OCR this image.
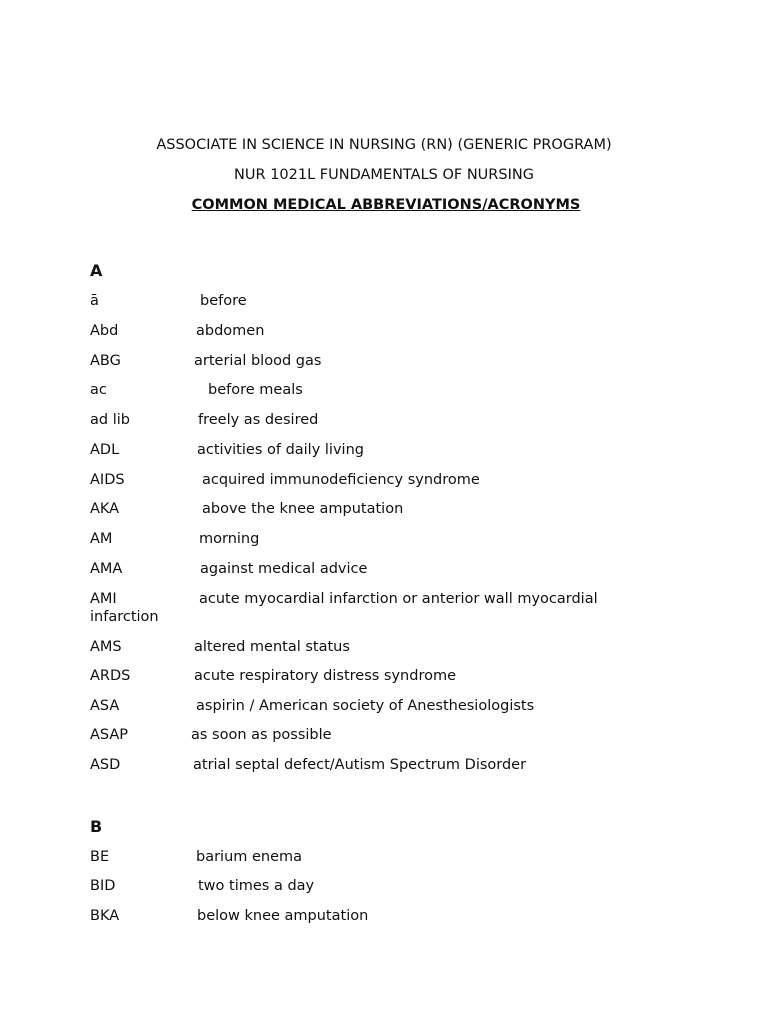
ASSOCIATE IN SCIENCE IN NURSING (RN) (GENERIC PROGRAM)
NUR 1021L FUNDAMENTALS OF NURSING
COMMON MEDICAL ABBREVIATIONS/ACRONYMS
A
ā	before
Abd	abdomen
ABG	arterial blood gas
ac	before meals
ad lib	freely as desired
ADL	activities of daily living
AIDS	acquired immunodeficiency syndrome
AKA	above the knee amputation
AM	morning
AMA	against medical advice
AMI	acute myocardial infarction or anterior wall myocardial
infarction
AMS	altered mental status
ARDS	acute respiratory distress syndrome
ASA	aspirin / American society of Anesthesiologists
ASAP	as soon as possible
ASD	atrial septal defect/Autism Spectrum Disorder
B
BE	barium enema
BID	two times a day
BKA	below knee amputation
